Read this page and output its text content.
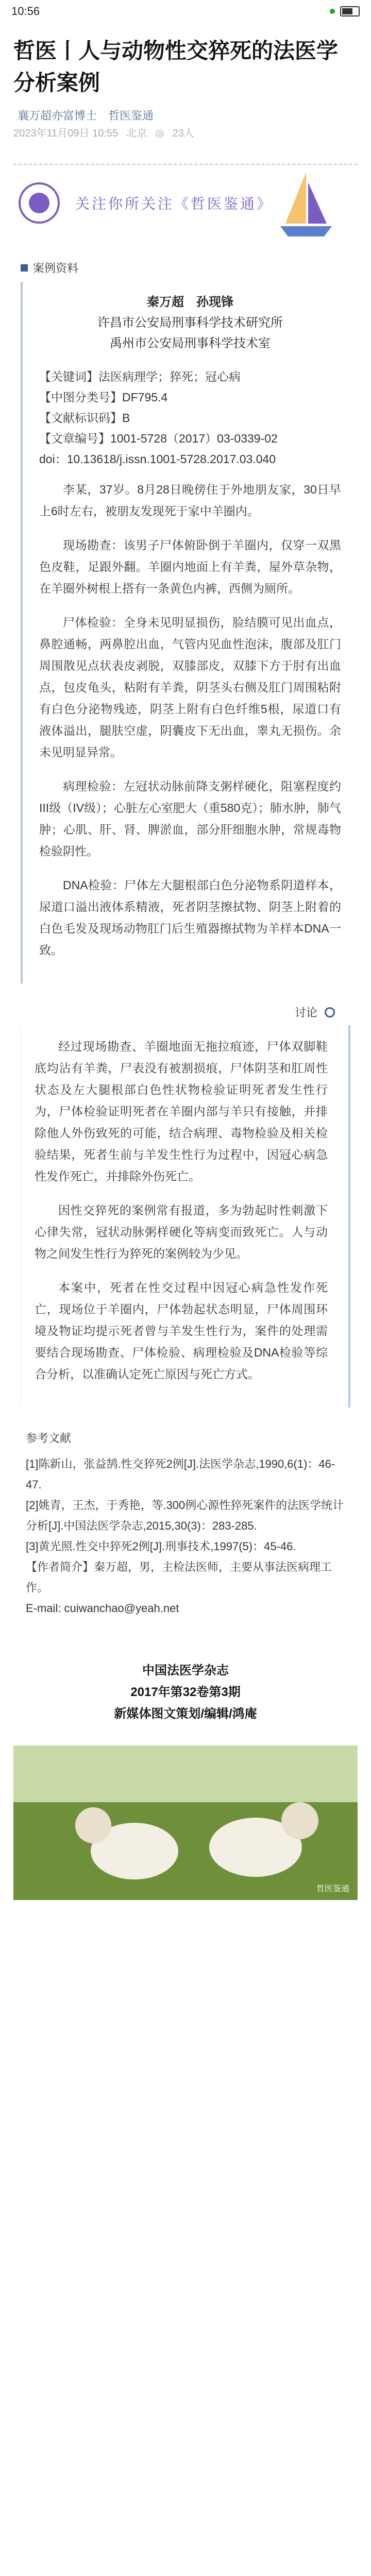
10:56
哲医丨人与动物性交猝死的法医学分析案例
襄万超亦富博士 哲医鉴通
2023年11月09日 10:55 北京 ◎ 23人
关注你所关注《哲医鉴通》
案例资料
秦万超　孙现锋
许昌市公安局刑事科学技术研究所
禹州市公安局刑事科学技术室
【关键词】法医病理学；猝死；冠心病
【中图分类号】DF795.4
【文献标识码】B
【文章编号】1001-5728（2017）03-0339-02
doi：10.13618/j.issn.1001-5728.2017.03.040

李某，37岁。8月28日晚傍住于外地朋友家，30日早上6时左右，被朋友发现死于家中羊圈内。

现场勘查：该男子尸体俯卧倒于羊圈内，仅穿一双黑色皮鞋，足跟外翻。羊圈内地面上有羊粪，屋外草杂物，在羊圈外树根上搭有一条黄色内裤，西侧为厕所。

尸体检验：全身未见明显损伤，脸结膜可见出血点，鼻腔通畅，两鼻腔出血，气管内见血性泡沫，腹部及肛门周围散见点状表皮剥脱，双膝部皮，双膝下方于肘有出血点，包皮龟头，粘附有羊粪，阴茎头右侧及肛门周围粘附有白色分泌物残迹，阴茎上附有白色纤维5根，尿道口有液体溢出，腿肤空虚，阴囊皮下无出血，睾丸无损伤。余未见明显异常。

病理检验：左冠状动脉前降支粥样硬化，阻塞程度约III级（IV级）；心脏左心室肥大（重580克）；肺水肿，肺气肿；心肌、肝、肾、脾淤血，部分肝细胞水肿，常规毒物检验阴性。

DNA检验：尸体左大腿根部白色分泌物系阴道样本，尿道口溢出液体系精液，死者阴茎擦拭物、阴茎上附着的白色毛发及现场动物肛门后生殖器擦拭物为羊样本DNA一致。

讨论

经过现场勘查、羊圈地面无拖拉痕迹，尸体双脚鞋底均沾有羊粪，尸表没有被割损痕，尸体阴茎和肛周性状态及左大腿根部白色性状物检验证明死者发生性行为，尸体检验证明死者在羊圈内部与羊只有接触，并排除他人外伤致死的可能，结合病理、毒物检验及相关检验结果，死者生前与羊发生性行为过程中，因冠心病急性发作死亡，并排除外伤死亡。

因性交猝死的案例常有报道，多为勃起时性刺激下心律失常，冠状动脉粥样硬化等病变而致死亡。人与动物之间发生性行为猝死的案例较为少见。

本案中，死者在性交过程中因冠心病急性发作死亡，现场位于羊圈内，尸体勃起状态明显，尸体周围环境及物证均提示死者曾与羊发生性行为，案件的处理需要结合现场勘查、尸体检验、病理检验及DNA检验等综合分析，以准确认定死亡原因与死亡方式。

参考文献
[1]陈新山，张益鹄.性交猝死2例[J].法医学杂志,1990,6(1)：46-47.
[2]姚青，王杰，于秀艳，等.300例心源性猝死案件的法医学统计分析[J].中国法医学杂志,2015,30(3)：283-285.
[3]黄光照.性交中猝死2例[J].刑事技术,1997(5)：45-46.
【作者简介】秦万超，男，主检法医师，主要从事法医病理工作。
E-mail: cuiwanchao@yeah.net
中国法医学杂志
2017年第32卷第3期
新媒体图文策划/编辑/鸿庵
哲医鉴通
